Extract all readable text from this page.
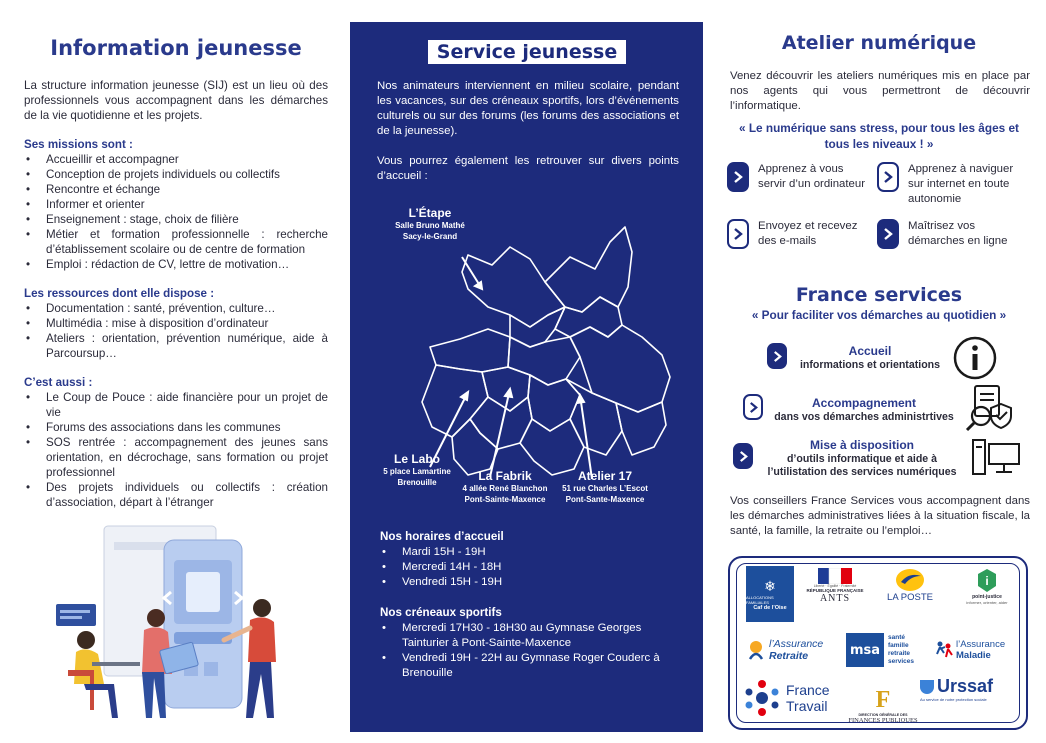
Information jeunesse

La structure information jeunesse (SIJ) est un lieu où des professionnels vous accompagnent dans les démarches de la vie quotidienne et les projets.

Ses missions sont :
• Accueillir et accompagner
• Conception de projets individuels ou collectifs
• Rencontre et échange
• Informer et orienter
• Enseignement : stage, choix de filière
• Métier et formation professionnelle : recherche d’établissement scolaire ou de centre de formation
• Emploi : rédaction de CV, lettre de motivation…
Les ressources dont elle dispose :
• Documentation : santé, prévention, culture…
• Multimédia : mise à disposition d’ordinateur
• Ateliers : orientation, prévention numérique, aide à Parcoursup…
C’est aussi :
• Le Coup de Pouce : aide financière pour un projet de vie
• Forums des associations dans les communes
• SOS rentrée : accompagnement des jeunes sans orientation, en décrochage, sans formation ou projet professionnel
• Des projets individuels ou collectifs : création d’association, départ à l’étranger
Service jeunesse

Nos animateurs interviennent en milieu scolaire, pendant les vacances, sur des créneaux sportifs, lors d’événements culturels ou sur des forums (les forums des associations et de la jeunesse).

Vous pourrez également les retrouver sur divers points d’accueil :

L’Étape
Salle Bruno Mathé
Sacy-le-Grand
Le Labo
5 place Lamartine
Brenouille	La Fabrik
4 allée René Blanchon
Pont-Sainte-Maxence
Atelier 17
51 rue Charles L’Escot
Pont-Sante-Maxence
Nos horaires d’accueil
• Mardi 15H - 19H
• Mercredi 14H - 18H
• Vendredi 15H - 19H
Nos créneaux sportifs
• Mercredi 17H30 - 18H30 au Gymnase Georges Tainturier à Pont-Sainte-Maxence
• Vendredi 19H - 22H au Gymnase Roger Couderc à Brenouille
Atelier numérique

Venez découvrir les ateliers numériques mis en place par nos agents qui vous permettront de découvrir l’informatique.

« Le numérique sans stress, pour tous les âges et tous les niveaux ! »
Apprenez à vous servir d’un ordinateur
Apprenez à naviguer sur internet en toute autonomie
Envoyez et recevez des e-mails
Maîtrisez vos démarches en ligne
France services
« Pour faciliter vos démarches au quotidien »
Accueil
informations et orientations
Accompagnement
dans vos démarches administrtives
Mise à disposition
d’outils informatique et aide à l’utilistation des services numériques

Vos conseillers France Services vous accompagnent dans les démarches administratives liées à la situation fiscale, la santé, la famille, la retraite ou l’emploi…

❄
ALLOCATIONS FAMILIALES
Caf de l’Oise
Liberté · Égalité · Fraternité
RÉPUBLIQUE FRANÇAISE
ANTS	LA POSTE
i
point-justice
informer, orienter, aider
l’Assurance
Retraite	msa
santé
famille
retraite
services
l’Assurance
Maladie
France
Travail F
DIRECTION GÉNÉRALE DES
FINANCES PUBLIQUES
Urssaf
Au service de notre protection sociale
